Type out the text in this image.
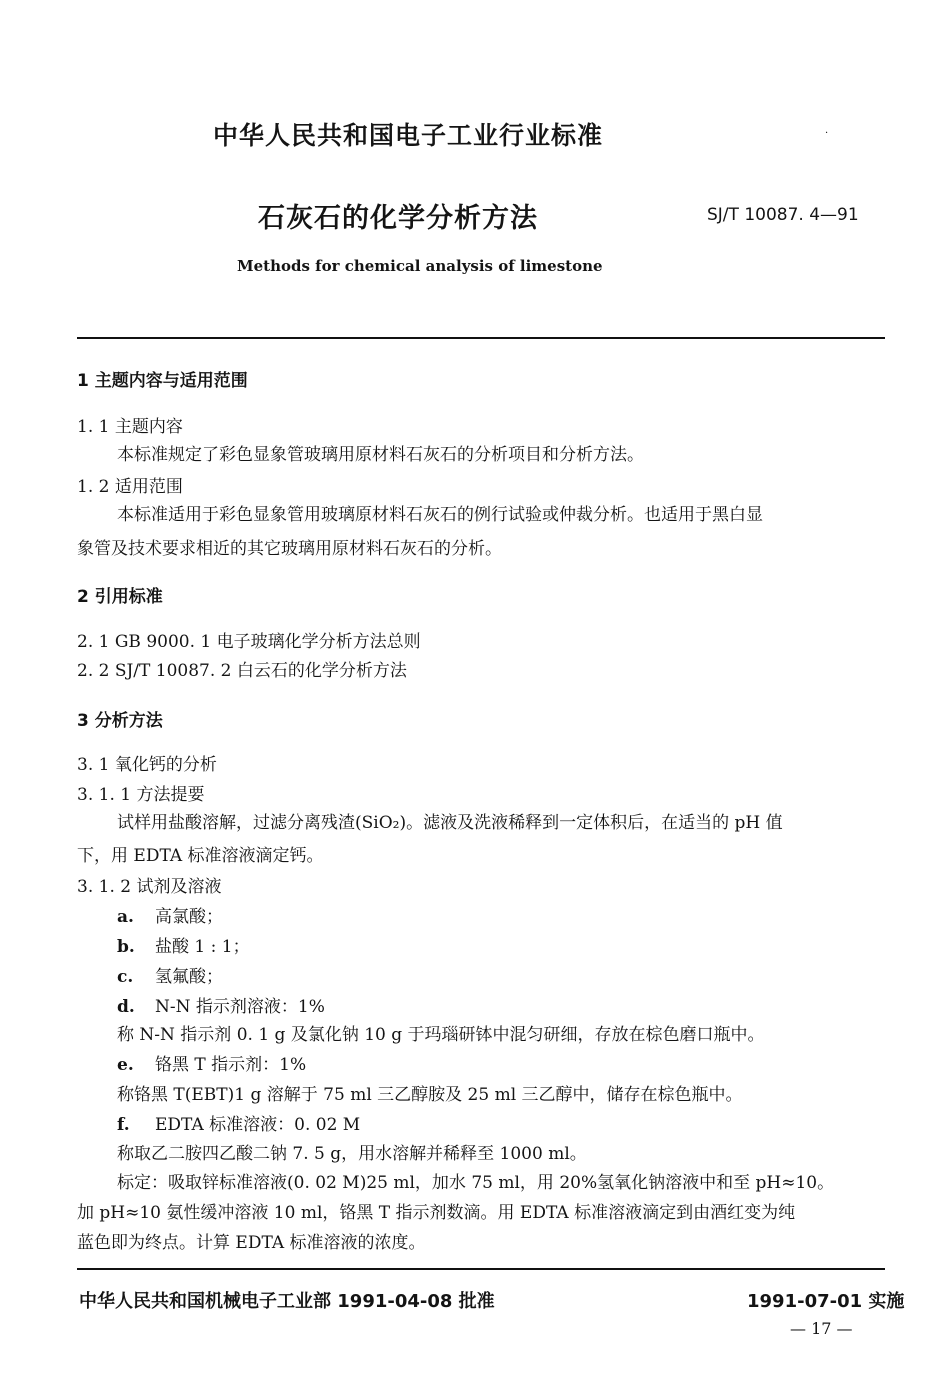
中华人民共和国电子工业行业标准	·
石灰石的化学分析方法	SJ/T 10087. 4—91
Methods for chemical analysis of limestone
1 主题内容与适用范围
1. 1 主题内容
本标准规定了彩色显象管玻璃用原材料石灰石的分析项目和分析方法。
1. 2 适用范围
本标准适用于彩色显象管用玻璃原材料石灰石的例行试验或仲裁分析。也适用于黑白显
象管及技术要求相近的其它玻璃用原材料石灰石的分析。
2 引用标准
2. 1 GB 9000. 1 电子玻璃化学分析方法总则
2. 2 SJ/T 10087. 2 白云石的化学分析方法
3 分析方法
3. 1 氧化钙的分析
3. 1. 1 方法提要
试样用盐酸溶解，过滤分离残渣(SiO₂)。滤液及洗液稀释到一定体积后，在适当的 pH 值
下，用 EDTA 标准溶液滴定钙。
3. 1. 2 试剂及溶液
a. 高氯酸；
b. 盐酸 1 : 1；
c. 氢氟酸；
d. N-N 指示剂溶液：1%
称 N-N 指示剂 0. 1 g 及氯化钠 10 g 于玛瑙研钵中混匀研细，存放在棕色磨口瓶中。
e. 铬黑 T 指示剂：1%
称铬黑 T(EBT)1 g 溶解于 75 ml 三乙醇胺及 25 ml 三乙醇中，储存在棕色瓶中。
f. EDTA 标准溶液：0. 02 M
称取乙二胺四乙酸二钠 7. 5 g，用水溶解并稀释至 1000 ml。
标定：吸取锌标准溶液(0. 02 M)25 ml，加水 75 ml，用 20%氢氧化钠溶液中和至 pH≈10。
加 pH≈10 氨性缓冲溶液 10 ml，铬黑 T 指示剂数滴。用 EDTA 标准溶液滴定到由酒红变为纯
蓝色即为终点。计算 EDTA 标准溶液的浓度。
中华人民共和国机械电子工业部 1991-04-08 批准	1991-07-01 实施
— 17 —
